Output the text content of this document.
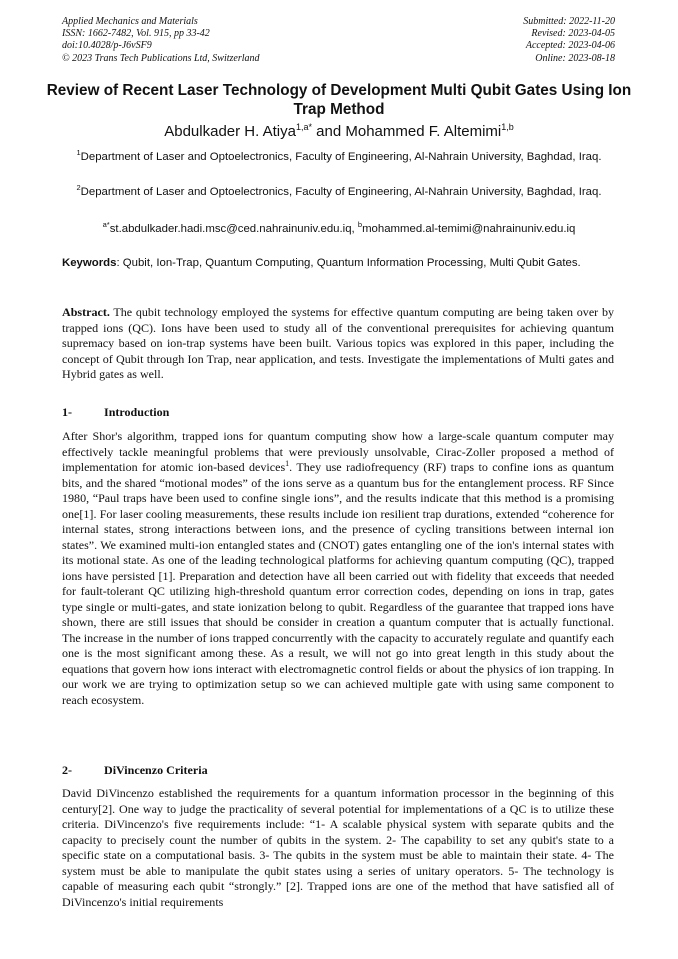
Applied Mechanics and Materials
ISSN: 1662-7482, Vol. 915, pp 33-42
doi:10.4028/p-J6vSF9
© 2023 Trans Tech Publications Ltd, Switzerland
Submitted: 2022-11-20
Revised: 2023-04-05
Accepted: 2023-04-06
Online: 2023-08-18
Review of Recent Laser Technology of Development Multi Qubit Gates Using Ion Trap Method
Abdulkader H. Atiya$^{1,a*}$ and Mohammed F. Altemimi$^{1,b}$
$^1$Department of Laser and Optoelectronics, Faculty of Engineering, Al-Nahrain University, Baghdad, Iraq.
$^2$Department of Laser and Optoelectronics, Faculty of Engineering, Al-Nahrain University, Baghdad, Iraq.
$^{a*}$st.abdulkader.hadi.msc@ced.nahrainuniv.edu.iq, $^b$mohammed.al-temimi@nahrainuniv.edu.iq
Keywords: Qubit, Ion-Trap, Quantum Computing, Quantum Information Processing, Multi Qubit Gates.
Abstract. The qubit technology employed the systems for effective quantum computing are being taken over by trapped ions (QC). Ions have been used to study all of the conventional prerequisites for achieving quantum supremacy based on ion-trap systems have been built. Various topics was explored in this paper, including the concept of Qubit through Ion Trap, near application, and tests. Investigate the implementations of Multi gates and Hybrid gates as well.
1-	Introduction
After Shor's algorithm, trapped ions for quantum computing show how a large-scale quantum computer may effectively tackle meaningful problems that were previously unsolvable, Cirac-Zoller proposed a method of implementation for atomic ion-based devices$^1$. They use radiofrequency (RF) traps to confine ions as quantum bits, and the shared “motional modes” of the ions serve as a quantum bus for the entanglement process. RF Since 1980, “Paul traps have been used to confine single ions”, and the results indicate that this method is a promising one[1]. For laser cooling measurements, these results include ion resilient trap durations, extended “coherence for internal states, strong interactions between ions, and the presence of cycling transitions between internal ion states”. We examined multi-ion entangled states and (CNOT) gates entangling one of the ion's internal states with its motional state. As one of the leading technological platforms for achieving quantum computing (QC), trapped ions have persisted [1]. Preparation and detection have all been carried out with fidelity that exceeds that needed for fault-tolerant QC utilizing high-threshold quantum error correction codes, depending on ions in trap, gates type single or multi-gates, and state ionization belong to qubit. Regardless of the guarantee that trapped ions have shown, there are still issues that should be consider in creation a quantum computer that is actually functional. The increase in the number of ions trapped concurrently with the capacity to accurately regulate and quantify each one is the most significant among these. As a result, we will not go into great length in this study about the equations that govern how ions interact with electromagnetic control fields or about the physics of ion trapping. In our work we are trying to optimization setup so we can achieved multiple gate with using same component to reach ecosystem.
2-	DiVincenzo Criteria
David DiVincenzo established the requirements for a quantum information processor in the beginning of this century[2]. One way to judge the practicality of several potential for implementations of a QC is to utilize these criteria. DiVincenzo's five requirements include: “1- A scalable physical system with separate qubits and the capacity to precisely count the number of qubits in the system. 2- The capability to set any qubit's state to a specific state on a computational basis. 3- The qubits in the system must be able to maintain their state. 4- The system must be able to manipulate the qubit states using a series of unitary operators. 5- The technology is capable of measuring each qubit “strongly.” [2]. Trapped ions are one of the method that have satisfied all of DiVincenzo's initial requirements
